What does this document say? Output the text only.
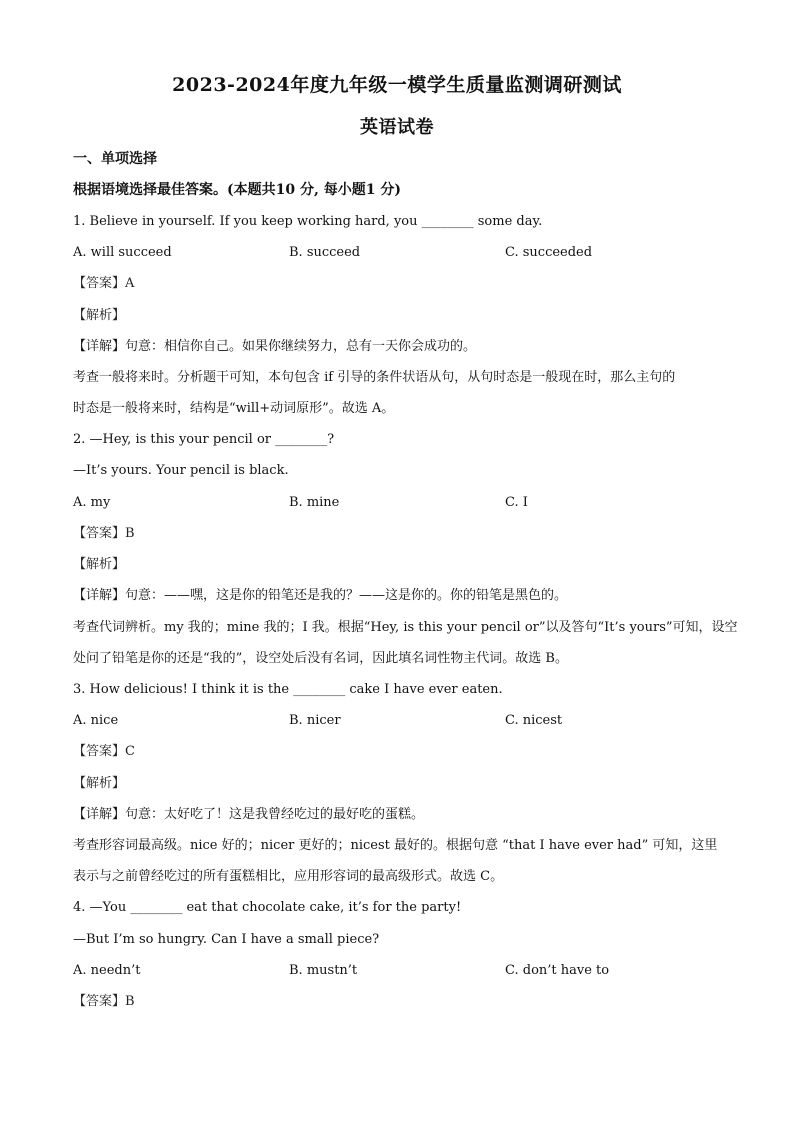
2023-2024年度九年级一模学生质量监测调研测试
英语试卷
一、单项选择
根据语境选择最佳答案。(本题共10 分, 每小题1 分)
1. Believe in yourself. If you keep working hard, you ________ some day.
A. will succeed	B. succeed	C. succeeded
【答案】A
【解析】
【详解】句意：相信你自己。如果你继续努力，总有一天你会成功的。
考查一般将来时。分析题干可知，本句包含 if 引导的条件状语从句，从句时态是一般现在时，那么主句的
时态是一般将来时，结构是“will+动词原形”。故选 A。
2. —Hey, is this your pencil or ________?
—It’s yours. Your pencil is black.
A. my	B. mine	C. I
【答案】B
【解析】
【详解】句意：——嘿，这是你的铅笔还是我的？——这是你的。你的铅笔是黑色的。
考查代词辨析。my 我的；mine 我的；I 我。根据“Hey, is this your pencil or”以及答句“It’s yours”可知，设空
处问了铅笔是你的还是“我的”，设空处后没有名词，因此填名词性物主代词。故选 B。
3. How delicious! I think it is the ________ cake I have ever eaten.
A. nice	B. nicer	C. nicest
【答案】C
【解析】
【详解】句意：太好吃了！这是我曾经吃过的最好吃的蛋糕。
考查形容词最高级。nice 好的；nicer 更好的；nicest 最好的。根据句意 “that I have ever had” 可知，这里
表示与之前曾经吃过的所有蛋糕相比，应用形容词的最高级形式。故选 C。
4. —You ________ eat that chocolate cake, it’s for the party!
—But I’m so hungry. Can I have a small piece?
A. needn’t	B. mustn’t	C. don’t have to
【答案】B
